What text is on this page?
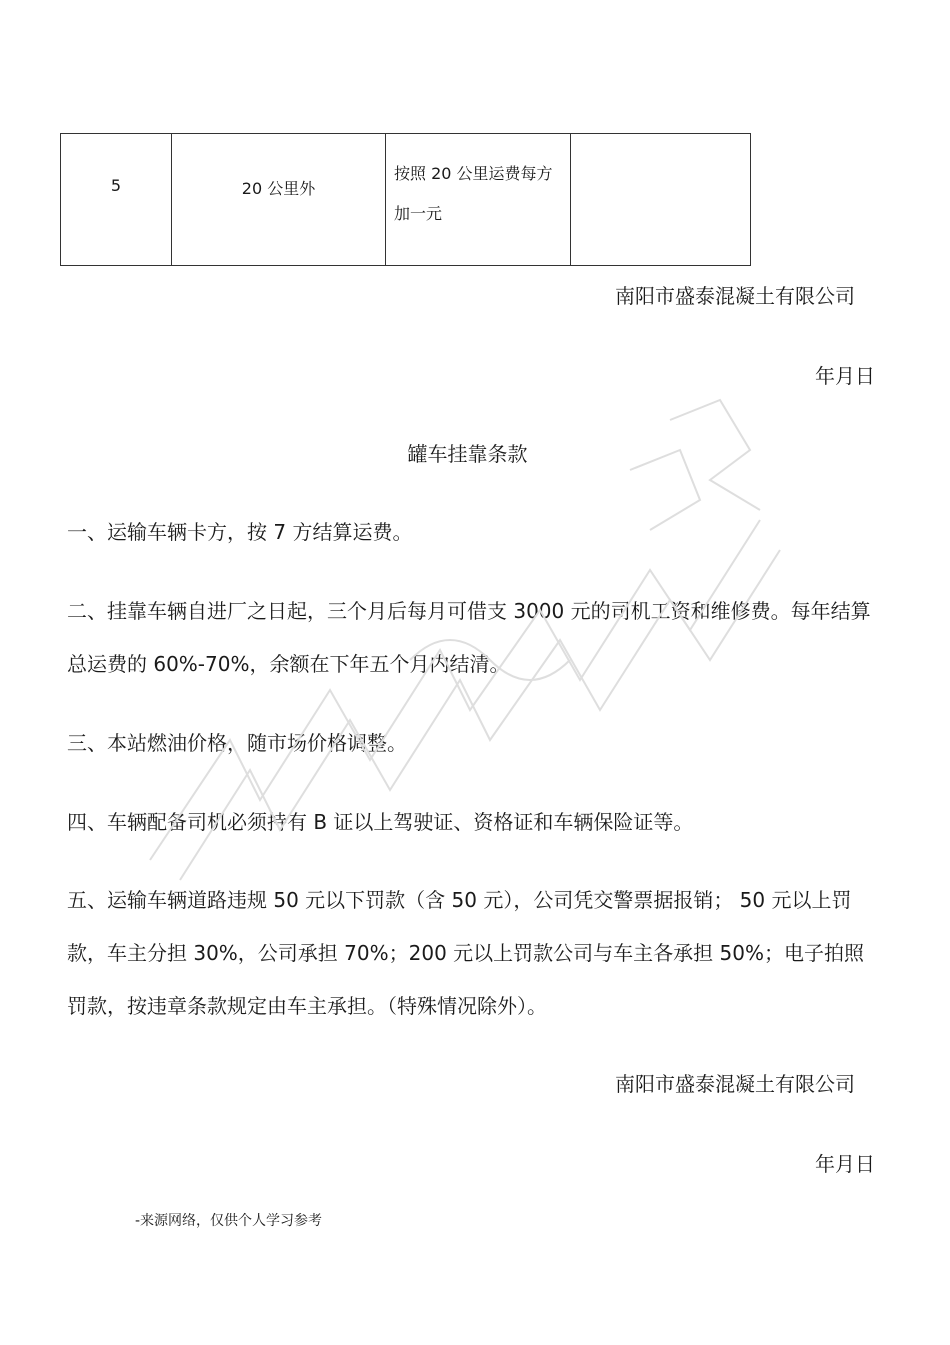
5	20 公里外	按照 20 公里运费每方加一元	
南阳市盛泰混凝土有限公司
年月日
罐车挂靠条款
一、运输车辆卡方，按 7 方结算运费。
二、挂靠车辆自进厂之日起，三个月后每月可借支 3000 元的司机工资和维修费。每年结算总运费的 60%-70%，余额在下年五个月内结清。
三、本站燃油价格，随市场价格调整。
四、车辆配备司机必须持有 B 证以上驾驶证、资格证和车辆保险证等。
五、运输车辆道路违规 50 元以下罚款（含 50 元），公司凭交警票据报销； 50 元以上罚款，车主分担 30%，公司承担 70%；200 元以上罚款公司与车主各承担 50%；电子拍照罚款，按违章条款规定由车主承担。（特殊情况除外）。
南阳市盛泰混凝土有限公司
年月日
-来源网络，仅供个人学习参考
